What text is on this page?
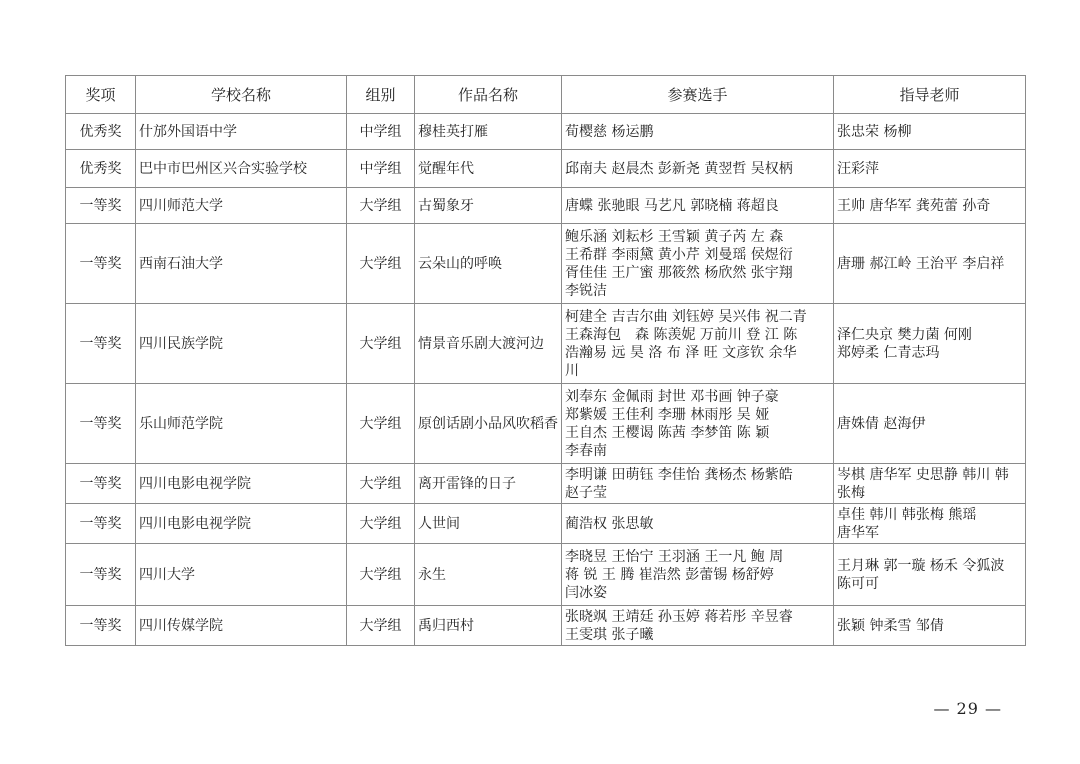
奖项	学校名称	组别	作品名称	参赛选手	指导老师
优秀奖	什邡外国语中学	中学组	穆桂英打雁	荀樱慈 杨运鹏	张忠荣 杨柳
优秀奖	巴中市巴州区兴合实验学校	中学组	觉醒年代	邱南夫 赵晨杰 彭新尧 黄翌哲 吴权柄	汪彩萍
一等奖	四川师范大学	大学组	古蜀象牙	唐蝶 张驰眼 马艺凡 郭晓楠 蒋超良	王帅 唐华军 龚苑蕾 孙奇
一等奖	西南石油大学	大学组	云朵山的呼唤	鲍乐涵 刘耘杉 王雪颖 黄子芮 左 森
王希群 李雨黛 黄小芹 刘曼瑶 侯煜衍
胥佳佳 王广蜜 那筱然 杨欣然 张宇翔
李锐洁	唐珊 郝江岭 王治平 李启祥
一等奖	四川民族学院	大学组	情景音乐剧大渡河边	柯建全 吉吉尔曲 刘钰婷 吴兴伟 祝二青
王森海包　森 陈羡妮 万前川 登 江 陈
浩瀚易 远 昊 洛 布 泽 旺 文彦钦 余华
川	泽仁央京 樊力菌 何刚
郑婷柔 仁青志玛
一等奖	乐山师范学院	大学组	原创话剧小品风吹稻香	刘奉东 金佩雨 封世 邓书画 钟子豪
郑紫媛 王佳利 李珊 林雨彤 吴 娅
王自杰 王樱谒 陈茜 李梦笛 陈 颖
李春南	唐姝倩 赵海伊
一等奖	四川电影电视学院	大学组	离开雷锋的日子	李明谦 田萌钰 李佳怡 龚杨杰 杨紫皓
赵子莹	岑棋 唐华军 史思静 韩川 韩
张梅
一等奖	四川电影电视学院	大学组	人世间	蔺浩权 张思敏	卓佳 韩川 韩张梅 熊瑶
唐华军
一等奖	四川大学	大学组	永生	李晓昱 王怡宁 王羽涵 王一凡 鲍 周
蒋 锐 王 腾 崔浩然 彭蕾锡 杨舒婷
闫冰姿	王月琳 郭一璇 杨禾 令狐波
陈可可
一等奖	四川传媒学院	大学组	禹归西村	张晓飒 王靖廷 孙玉婷 蒋若彤 辛昱睿
王雯琪 张子曦	张颖 钟柔雪 邹倩
— 29 —
